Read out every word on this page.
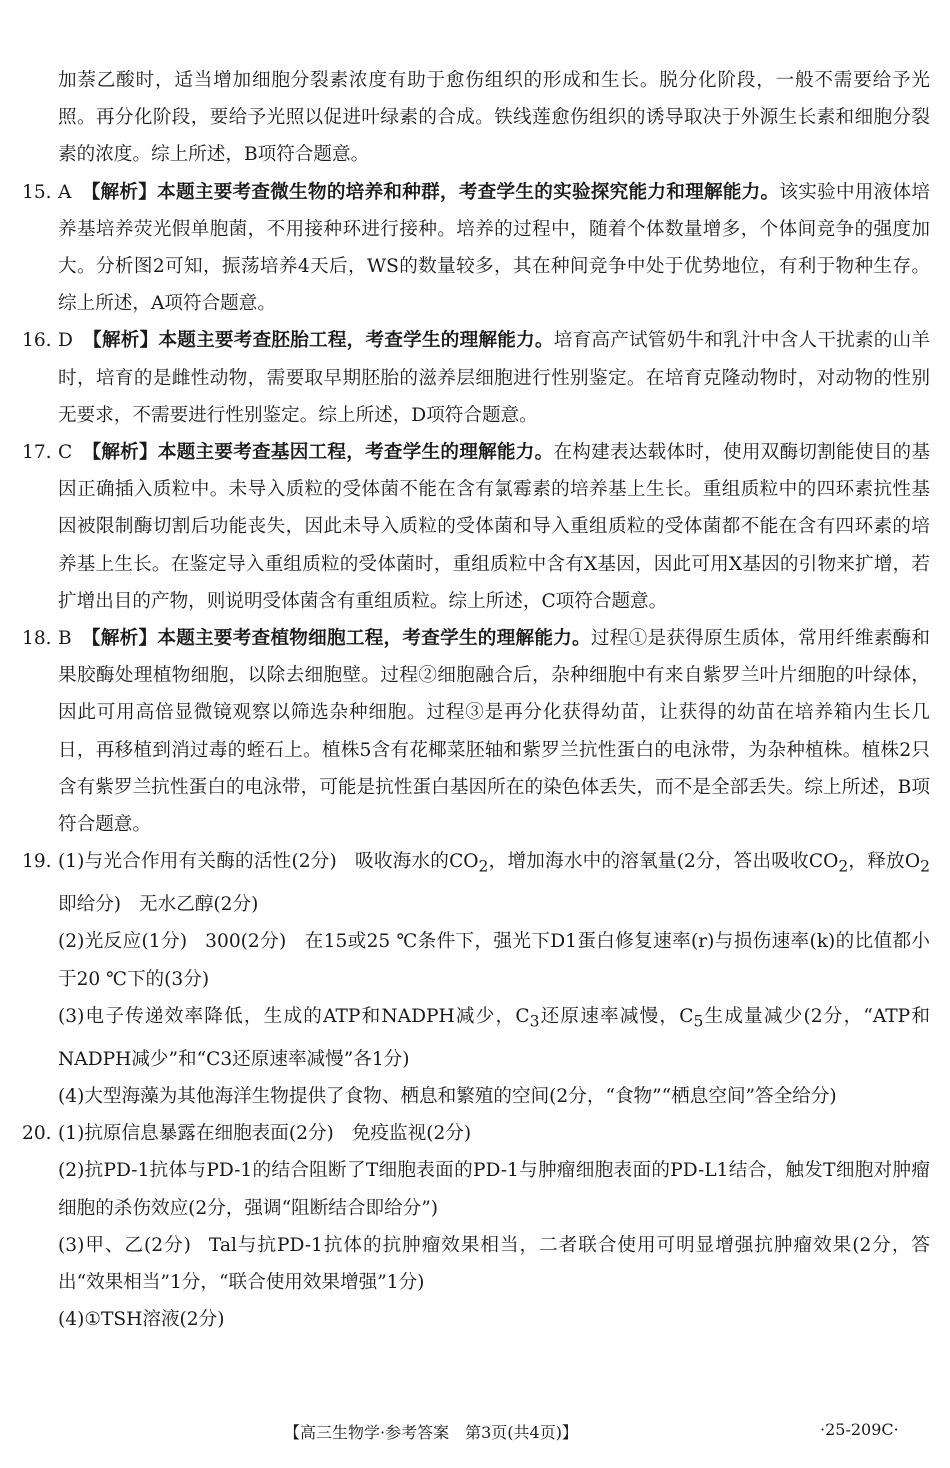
加萘乙酸时，适当增加细胞分裂素浓度有助于愈伤组织的形成和生长。脱分化阶段，一般不需要给予光照。再分化阶段，要给予光照以促进叶绿素的合成。铁线莲愈伤组织的诱导取决于外源生长素和细胞分裂素的浓度。综上所述，B项符合题意。

15. A 【解析】本题主要考查微生物的培养和种群，考查学生的实验探究能力和理解能力。该实验中用液体培养基培养荧光假单胞菌，不用接种环进行接种。培养的过程中，随着个体数量增多，个体间竞争的强度加大。分析图2可知，振荡培养4天后，WS的数量较多，其在种间竞争中处于优势地位，有利于物种生存。综上所述，A项符合题意。

16. D 【解析】本题主要考查胚胎工程，考查学生的理解能力。培育高产试管奶牛和乳汁中含人干扰素的山羊时，培育的是雌性动物，需要取早期胚胎的滋养层细胞进行性别鉴定。在培育克隆动物时，对动物的性别无要求，不需要进行性别鉴定。综上所述，D项符合题意。

17. C 【解析】本题主要考查基因工程，考查学生的理解能力。在构建表达载体时，使用双酶切割能使目的基因正确插入质粒中。未导入质粒的受体菌不能在含有氯霉素的培养基上生长。重组质粒中的四环素抗性基因被限制酶切割后功能丧失，因此未导入质粒的受体菌和导入重组质粒的受体菌都不能在含有四环素的培养基上生长。在鉴定导入重组质粒的受体菌时，重组质粒中含有X基因，因此可用X基因的引物来扩增，若扩增出目的产物，则说明受体菌含有重组质粒。综上所述，C项符合题意。

18. B 【解析】本题主要考查植物细胞工程，考查学生的理解能力。过程①是获得原生质体，常用纤维素酶和果胶酶处理植物细胞，以除去细胞壁。过程②细胞融合后，杂种细胞中有来自紫罗兰叶片细胞的叶绿体，因此可用高倍显微镜观察以筛选杂种细胞。过程③是再分化获得幼苗，让获得的幼苗在培养箱内生长几日，再移植到消过毒的蛭石上。植株5含有花椰菜胚轴和紫罗兰抗性蛋白的电泳带，为杂种植株。植株2只含有紫罗兰抗性蛋白的电泳带，可能是抗性蛋白基因所在的染色体丢失，而不是全部丢失。综上所述，B项符合题意。

19. (1)与光合作用有关酶的活性(2分) 吸收海水的$CO_2$，增加海水中的溶氧量(2分，答出吸收$CO_2$，释放$O_2$即给分) 无水乙醇(2分)

(2)光反应(1分) 300(2分) 在15或25 ℃条件下，强光下D1蛋白修复速率(r)与损伤速率(k)的比值都小于20 ℃下的(3分)

(3)电子传递效率降低，生成的ATP和NADPH减少，$C_3$还原速率减慢，$C_5$生成量减少(2分，“ATP和NADPH减少”和“C3还原速率减慢”各1分)

(4)大型海藻为其他海洋生物提供了食物、栖息和繁殖的空间(2分，“食物”“栖息空间”答全给分)

20. (1)抗原信息暴露在细胞表面(2分) 免疫监视(2分)

(2)抗PD-1抗体与PD-1的结合阻断了T细胞表面的PD-1与肿瘤细胞表面的PD-L1结合，触发T细胞对肿瘤细胞的杀伤效应(2分，强调“阻断结合即给分”)

(3)甲、乙(2分) Tal与抗PD-1抗体的抗肿瘤效果相当，二者联合使用可明显增强抗肿瘤效果(2分，答出“效果相当”1分，“联合使用效果增强”1分)

(4)①TSH溶液(2分)

【高三生物学·参考答案　第3页(共4页)】	·25-209C·
